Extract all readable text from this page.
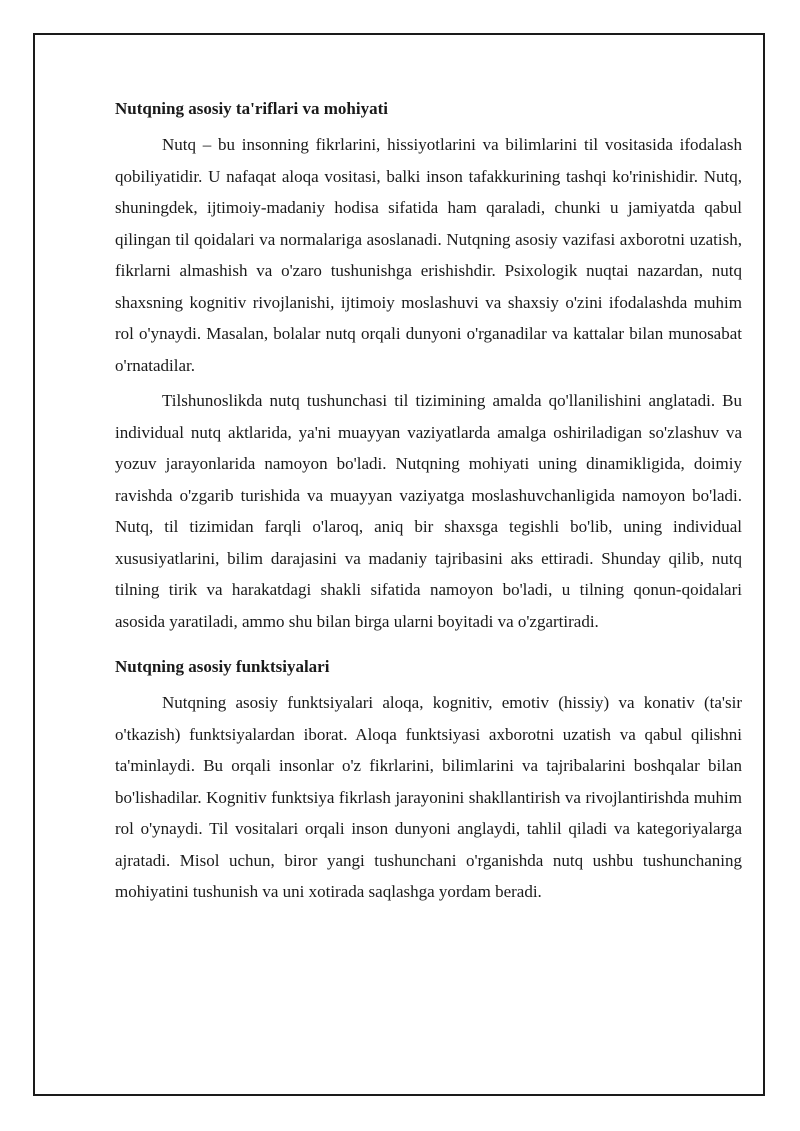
Nutqning asosiy ta'riflari va mohiyati

Nutq – bu insonning fikrlarini, hissiyotlarini va bilimlarini til vositasida ifodalash qobiliyatidir. U nafaqat aloqa vositasi, balki inson tafakkurining tashqi ko'rinishidir. Nutq, shuningdek, ijtimoiy-madaniy hodisa sifatida ham qaraladi, chunki u jamiyatda qabul qilingan til qoidalari va normalariga asoslanadi. Nutqning asosiy vazifasi axborotni uzatish, fikrlarni almashish va o'zaro tushunishga erishishdir. Psixologik nuqtai nazardan, nutq shaxsning kognitiv rivojlanishi, ijtimoiy moslashuvi va shaxsiy o'zini ifodalashda muhim rol o'ynaydi. Masalan, bolalar nutq orqali dunyoni o'rganadilar va kattalar bilan munosabat o'rnatadilar.

Tilshunoslikda nutq tushunchasi til tizimining amalda qo'llanilishini anglatadi. Bu individual nutq aktlarida, ya'ni muayyan vaziyatlarda amalga oshiriladigan so'zlashuv va yozuv jarayonlarida namoyon bo'ladi. Nutqning mohiyati uning dinamikligida, doimiy ravishda o'zgarib turishida va muayyan vaziyatga moslashuvchanligida namoyon bo'ladi. Nutq, til tizimidan farqli o'laroq, aniq bir shaxsga tegishli bo'lib, uning individual xususiyatlarini, bilim darajasini va madaniy tajribasini aks ettiradi. Shunday qilib, nutq tilning tirik va harakatdagi shakli sifatida namoyon bo'ladi, u tilning qonun-qoidalari asosida yaratiladi, ammo shu bilan birga ularni boyitadi va o'zgartiradi.

Nutqning asosiy funktsiyalari

Nutqning asosiy funktsiyalari aloqa, kognitiv, emotiv (hissiy) va konativ (ta'sir o'tkazish) funktsiyalardan iborat. Aloqa funktsiyasi axborotni uzatish va qabul qilishni ta'minlaydi. Bu orqali insonlar o'z fikrlarini, bilimlarini va tajribalarini boshqalar bilan bo'lishadilar. Kognitiv funktsiya fikrlash jarayonini shakllantirish va rivojlantirishda muhim rol o'ynaydi. Til vositalari orqali inson dunyoni anglaydi, tahlil qiladi va kategoriyalarga ajratadi. Misol uchun, biror yangi tushunchani o'rganishda nutq ushbu tushunchaning mohiyatini tushunish va uni xotirada saqlashga yordam beradi.
